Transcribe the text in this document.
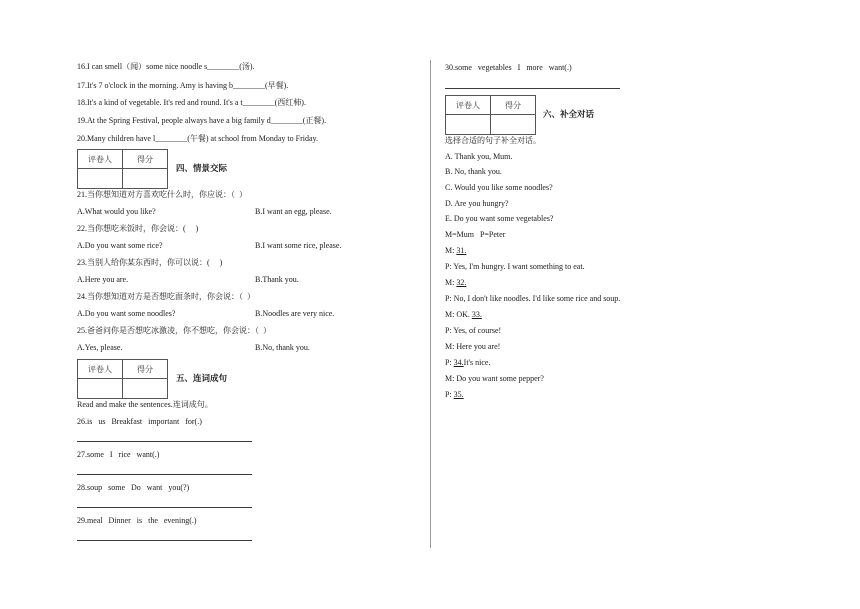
16.I can smell（闻）some nice noodle s________(汤).
17.It's 7 o'clock in the morning. Amy is having b________(早餐).
18.It's a kind of vegetable. It's red and round. It's a t________(西红柿).
19.At the Spring Festival, people always have a big family d________(正餐).
20.Many children have l________(午餐) at school from Monday to Friday.
评卷人	得分

四、情景交际
21.当你想知道对方喜欢吃什么时，你应说：（  ）
A.What would you like?	B.I want an egg, please.
22.当你想吃米饭时，你会说：(     )
A.Do you want some rice?	B.I want some rice, please.
23.当别人给你某东西时，你可以说：(     )
A.Here you are.	B.Thank you.
24.当你想知道对方是否想吃面条时，你会说：（  ）
A.Do you want some noodles?	B.Noodles are very nice.
25.爸爸问你是否想吃冰激凌，你不想吃，你会说：（  ）
A.Yes, please.	B.No, thank you.
评卷人	得分

五、连词成句
Read and make the sentences.连词成句。
26.is   us   Breakfast   important   for(.)
27.some   I   rice   want(.)
28.soup   some   Do   want   you(?)
29.meal   Dinner   is   the   evening(.)
30.some   vegetables   I   more   want(.)
评卷人	得分

六、补全对话
选择合适的句子补全对话。
A. Thank you, Mum.
B. No, thank you.
C. Would you like some noodles?
D. Are you hungry?
E. Do you want some vegetables?
M=Mum   P=Peter
M: 31.
P: Yes, I'm hungry. I want something to eat.
M: 32.
P: No, I don't like noodles. I'd like some rice and soup.
M: OK. 33.
P: Yes, of course!
M: Here you are!
P: 34.It's nice.
M: Do you want some pepper?
P: 35.
